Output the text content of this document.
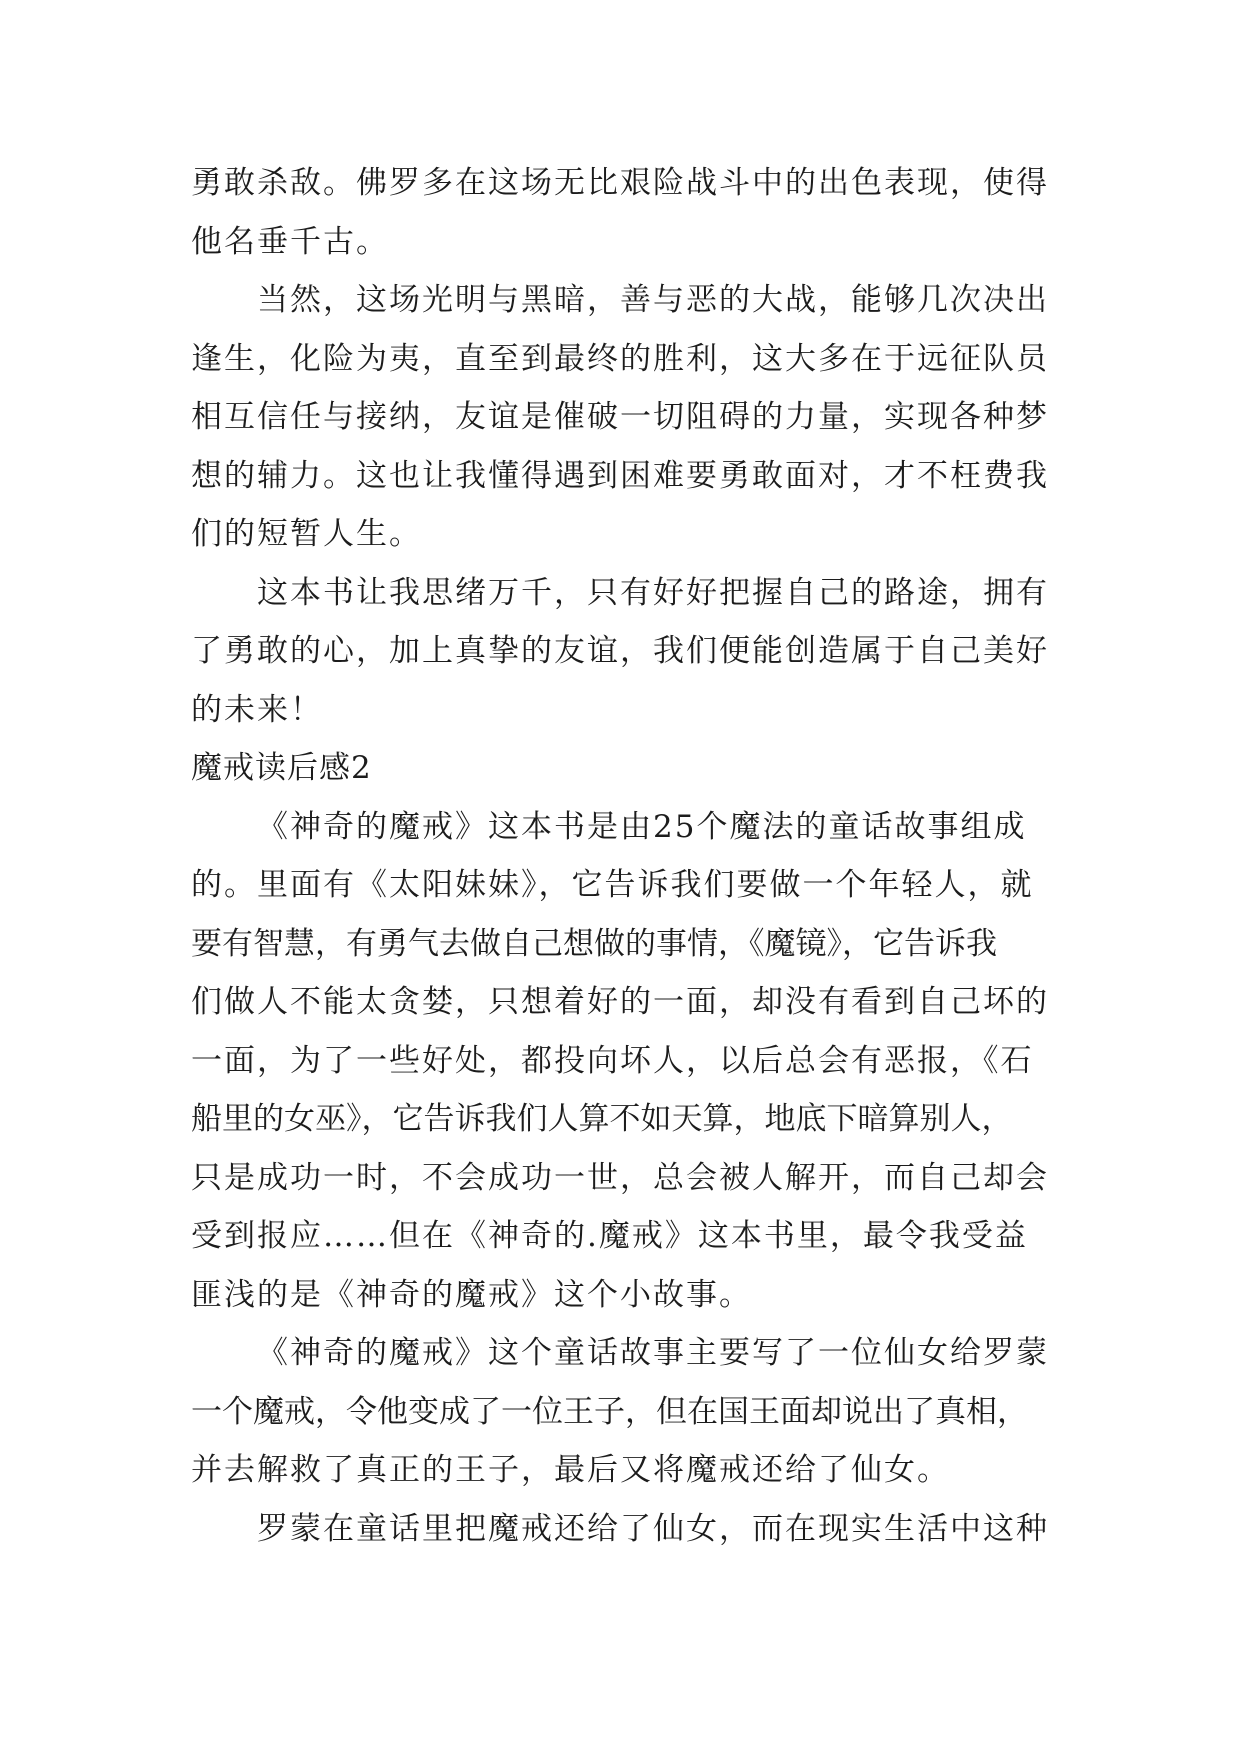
勇敢杀敌。佛罗多在这场无比艰险战斗中的出色表现，使得
他名垂千古。
当然，这场光明与黑暗，善与恶的大战，能够几次决出
逢生，化险为夷，直至到最终的胜利，这大多在于远征队员
相互信任与接纳，友谊是催破一切阻碍的力量，实现各种梦
想的辅力。这也让我懂得遇到困难要勇敢面对，才不枉费我
们的短暂人生。
这本书让我思绪万千，只有好好把握自己的路途，拥有
了勇敢的心，加上真挚的友谊，我们便能创造属于自己美好
的未来！
魔戒读后感2
《神奇的魔戒》这本书是由25个魔法的童话故事组成
的。里面有《太阳妹妹》，它告诉我们要做一个年轻人，就
要有智慧，有勇气去做自己想做的事情，《魔镜》，它告诉我
们做人不能太贪婪，只想着好的一面，却没有看到自己坏的
一面，为了一些好处，都投向坏人，以后总会有恶报，《石
船里的女巫》，它告诉我们人算不如天算，地底下暗算别人，
只是成功一时，不会成功一世，总会被人解开，而自己却会
受到报应……但在《神奇的.魔戒》这本书里，最令我受益
匪浅的是《神奇的魔戒》这个小故事。
《神奇的魔戒》这个童话故事主要写了一位仙女给罗蒙
一个魔戒，令他变成了一位王子，但在国王面却说出了真相，
并去解救了真正的王子，最后又将魔戒还给了仙女。
罗蒙在童话里把魔戒还给了仙女，而在现实生活中这种
